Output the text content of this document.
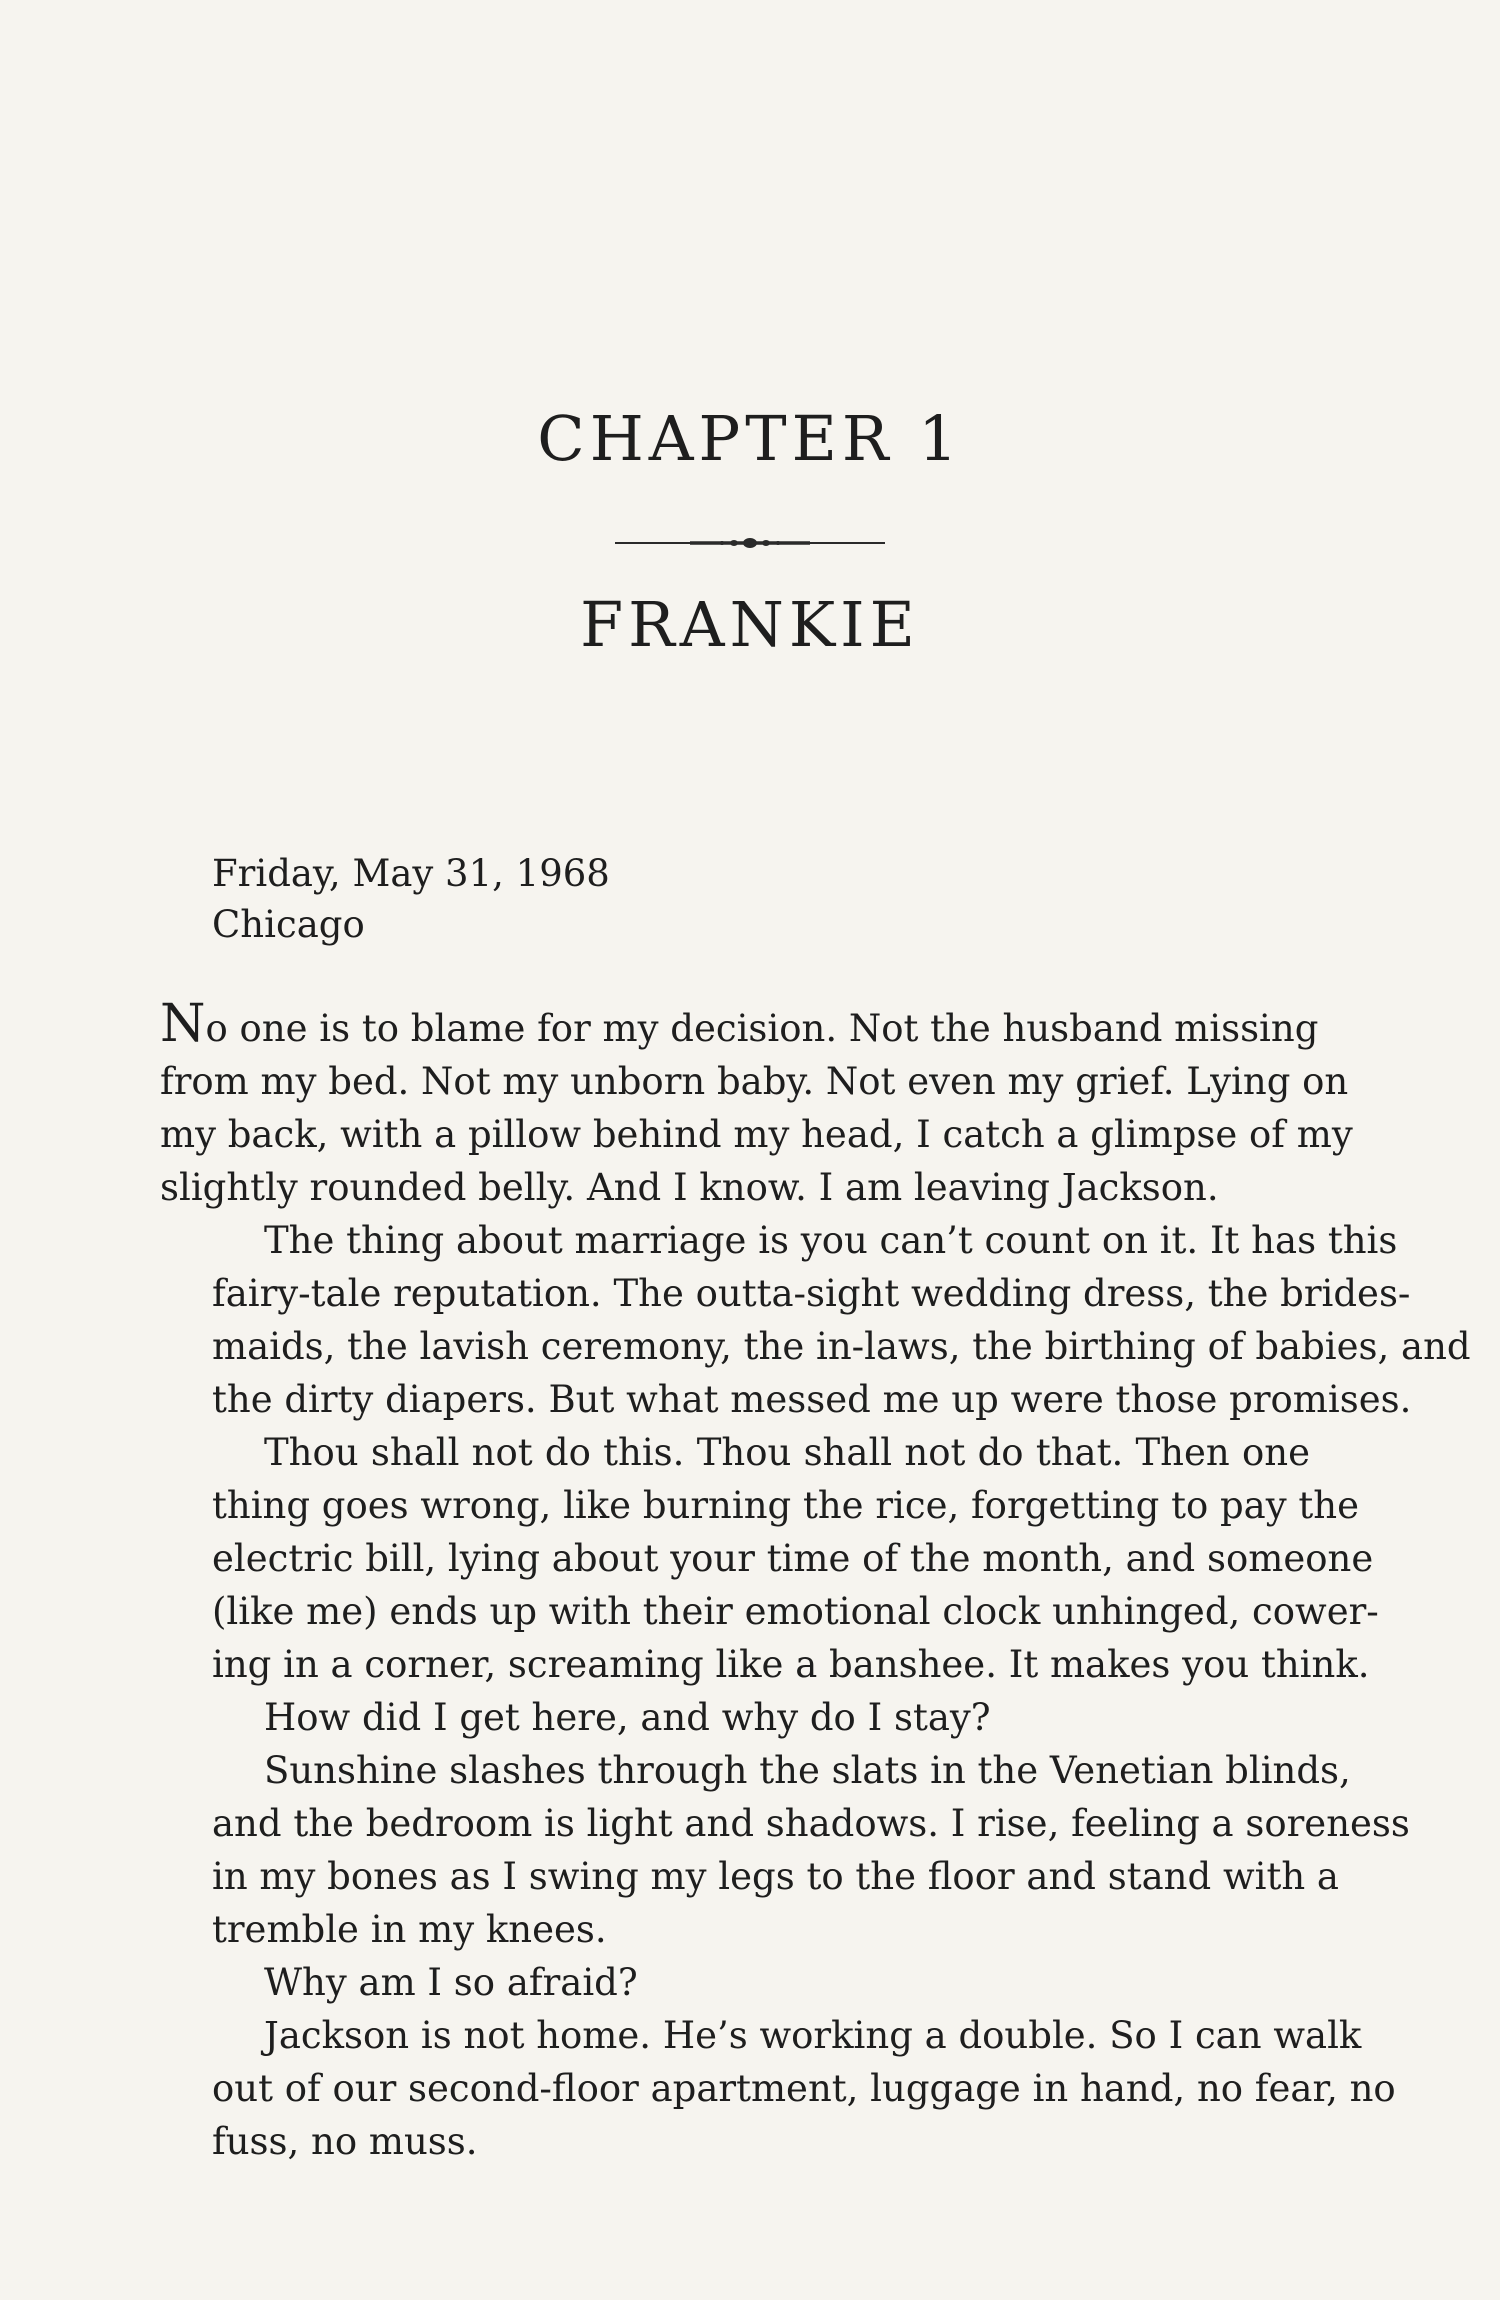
CHAPTER 1
FRANKIE
Friday, May 31, 1968
Chicago
No one is to blame for my decision. Not the husband missing
from my bed. Not my unborn baby. Not even my grief. Lying on
my back, with a pillow behind my head, I catch a glimpse of my
slightly rounded belly. And I know. I am leaving Jackson.
The thing about marriage is you can’t count on it. It has this
fairy-tale reputation. The outta-sight wedding dress, the brides-
maids, the lavish ceremony, the in-laws, the birthing of babies, and
the dirty diapers. But what messed me up were those promises.
Thou shall not do this. Thou shall not do that. Then one
thing goes wrong, like burning the rice, forgetting to pay the
electric bill, lying about your time of the month, and someone
(like me) ends up with their emotional clock unhinged, cower-
ing in a corner, screaming like a banshee. It makes you think.
How did I get here, and why do I stay?
Sunshine slashes through the slats in the Venetian blinds,
and the bedroom is light and shadows. I rise, feeling a soreness
in my bones as I swing my legs to the floor and stand with a
tremble in my knees.
Why am I so afraid?
Jackson is not home. He’s working a double. So I can walk
out of our second-floor apartment, luggage in hand, no fear, no
fuss, no muss.
